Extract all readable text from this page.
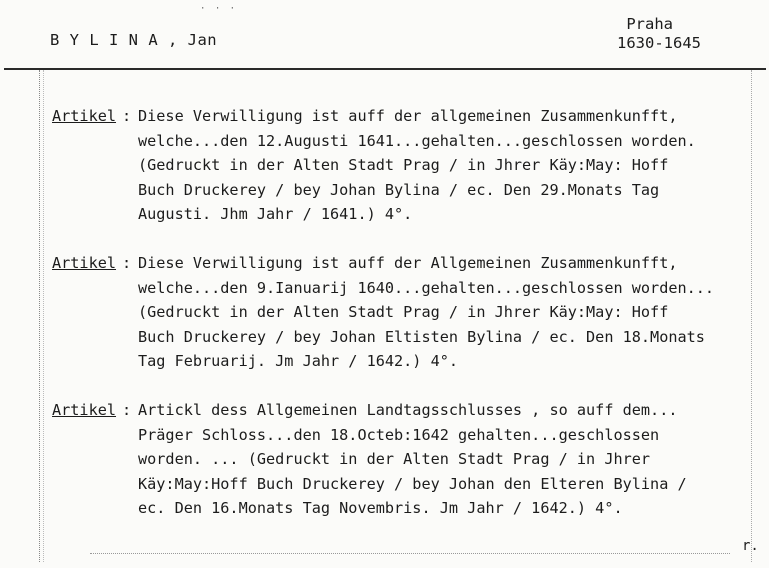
· · ·
B Y L I N A , Jan
Praha
1630-1645
Artikel : Diese Verwilligung ist auff der allgemeinen Zusammenkunfft,
welche...den 12.Augusti 1641...gehalten...geschlossen worden.
(Gedruckt in der Alten Stadt Prag / in Jhrer Käy:May: Hoff
Buch Druckerey / bey Johan Bylina / ec. Den 29.Monats Tag
Augusti. Jhm Jahr / 1641.) 4°.
Artikel : Diese Verwilligung ist auff der Allgemeinen Zusammenkunfft,
welche...den 9.Ianuarij 1640...gehalten...geschlossen worden...
(Gedruckt in der Alten Stadt Prag / in Jhrer Käy:May: Hoff
Buch Druckerey / bey Johan Eltisten Bylina / ec. Den 18.Monats
Tag Februarij. Jm Jahr / 1642.) 4°.
Artikel : Artickl dess Allgemeinen Landtagsschlusses , so auff dem...
Präger Schloss...den 18.Octeb:1642 gehalten...geschlossen
worden. ... (Gedruckt in der Alten Stadt Prag / in Jhrer
Käy:May:Hoff Buch Druckerey / bey Johan den Elteren Bylina /
ec. Den 16.Monats Tag Novembris. Jm Jahr / 1642.) 4°.
r.
